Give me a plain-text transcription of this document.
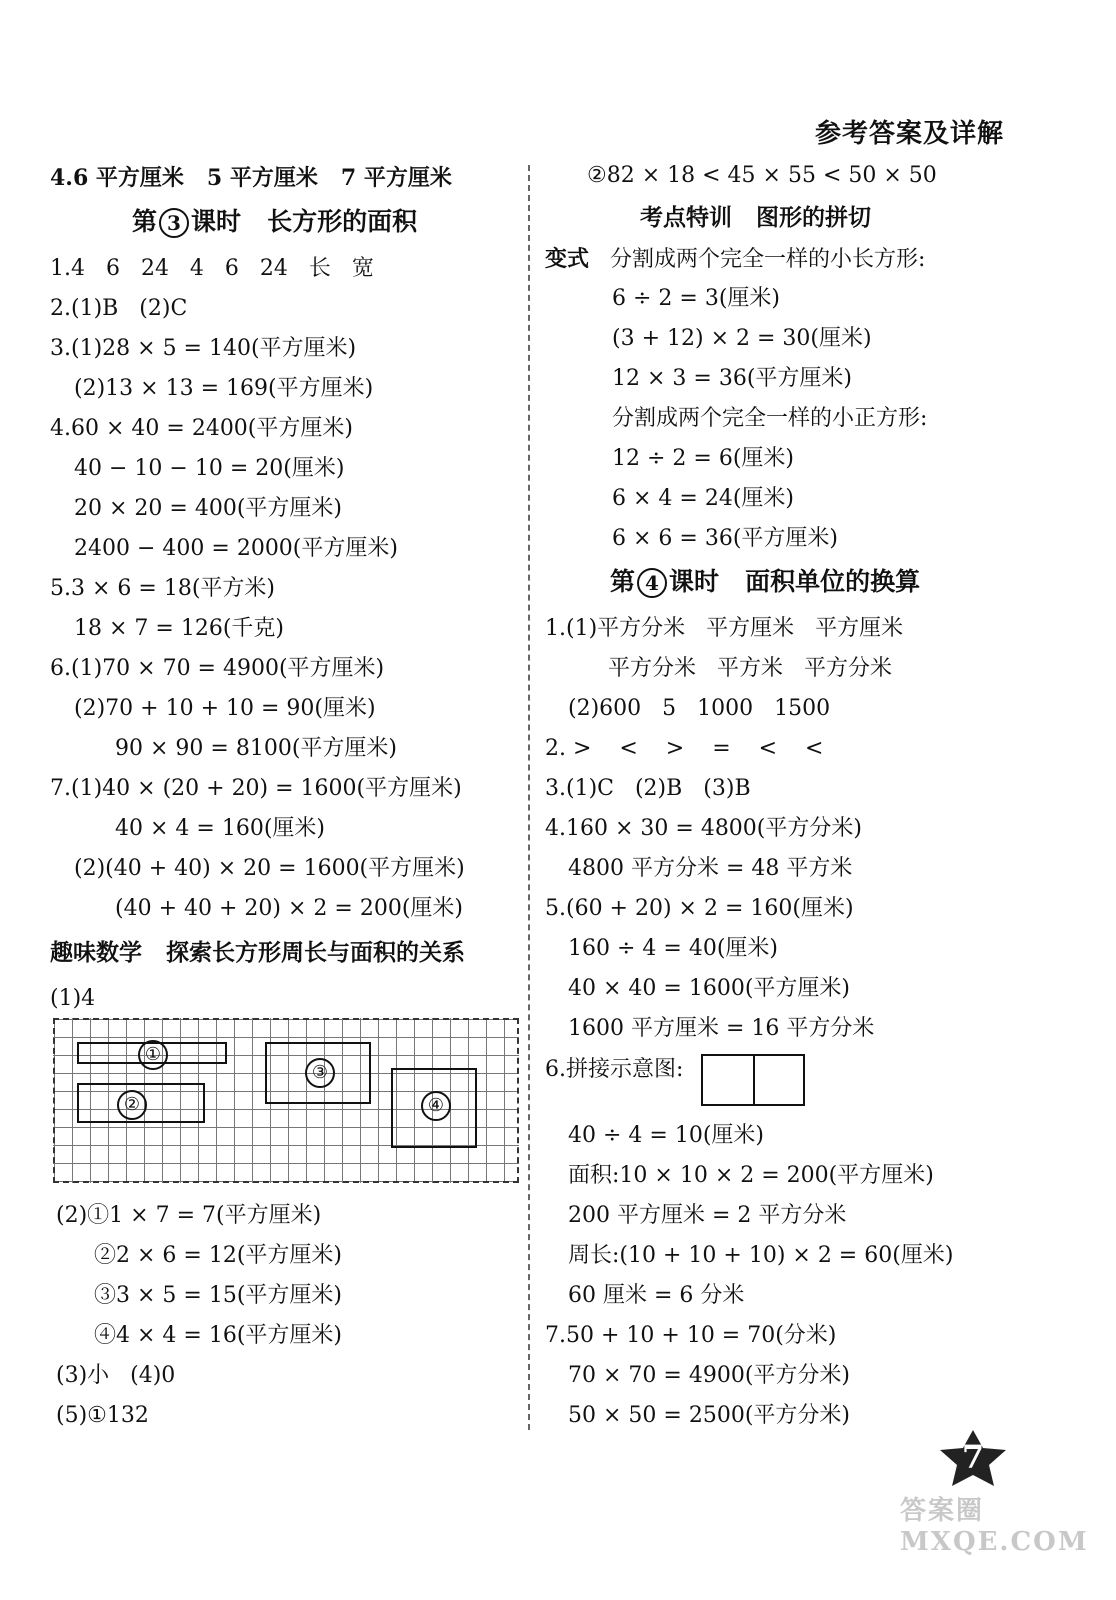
参考答案及详解
4.6 平方厘米   5 平方厘米   7 平方厘米
第 3 课时   长方形的面积
1.4   6   24   4   6   24   长   宽
2.(1)B   (2)C
3.(1)28 × 5 = 140(平方厘米)
(2)13 × 13 = 169(平方厘米)
4.60 × 40 = 2400(平方厘米)
40 − 10 − 10 = 20(厘米)
20 × 20 = 400(平方厘米)
2400 − 400 = 2000(平方厘米)
5.3 × 6 = 18(平方米)
18 × 7 = 126(千克)
6.(1)70 × 70 = 4900(平方厘米)
(2)70 + 10 + 10 = 90(厘米)
90 × 90 = 8100(平方厘米)
7.(1)40 × (20 + 20) = 1600(平方厘米)
40 × 4 = 160(厘米)
(2)(40 + 40) × 20 = 1600(平方厘米)
(40 + 40 + 20) × 2 = 200(厘米)
趣味数学   探索长方形周长与面积的关系
(1)4
①
②
③
④
(2)①1 × 7 = 7(平方厘米)
②2 × 6 = 12(平方厘米)
③3 × 5 = 15(平方厘米)
④4 × 4 = 16(平方厘米)
(3)小   (4)0
(5)①132
②82 × 18 < 45 × 55 < 50 × 50
考点特训   图形的拼切
变式 分割成两个完全一样的小长方形:
6 ÷ 2 = 3(厘米)
(3 + 12) × 2 = 30(厘米)
12 × 3 = 36(平方厘米)
分割成两个完全一样的小正方形:
12 ÷ 2 = 6(厘米)
6 × 4 = 24(厘米)
6 × 6 = 36(平方厘米)
第 4 课时   面积单位的换算
1.(1)平方分米   平方厘米   平方厘米
平方分米   平方米   平方分米
(2)600   5   1000   1500
2. >    <    >    =    <    <
3.(1)C   (2)B   (3)B
4.160 × 30 = 4800(平方分米)
4800 平方分米 = 48 平方米
5.(60 + 20) × 2 = 160(厘米)
160 ÷ 4 = 40(厘米)
40 × 40 = 1600(平方厘米)
1600 平方厘米 = 16 平方分米
6.拼接示意图:
40 ÷ 4 = 10(厘米)
面积:10 × 10 × 2 = 200(平方厘米)
200 平方厘米 = 2 平方分米
周长:(10 + 10 + 10) × 2 = 60(厘米)
60 厘米 = 6 分米
7.50 + 10 + 10 = 70(分米)
70 × 70 = 4900(平方分米)
50 × 50 = 2500(平方分米)
7
答案圈
MXQE.COM
